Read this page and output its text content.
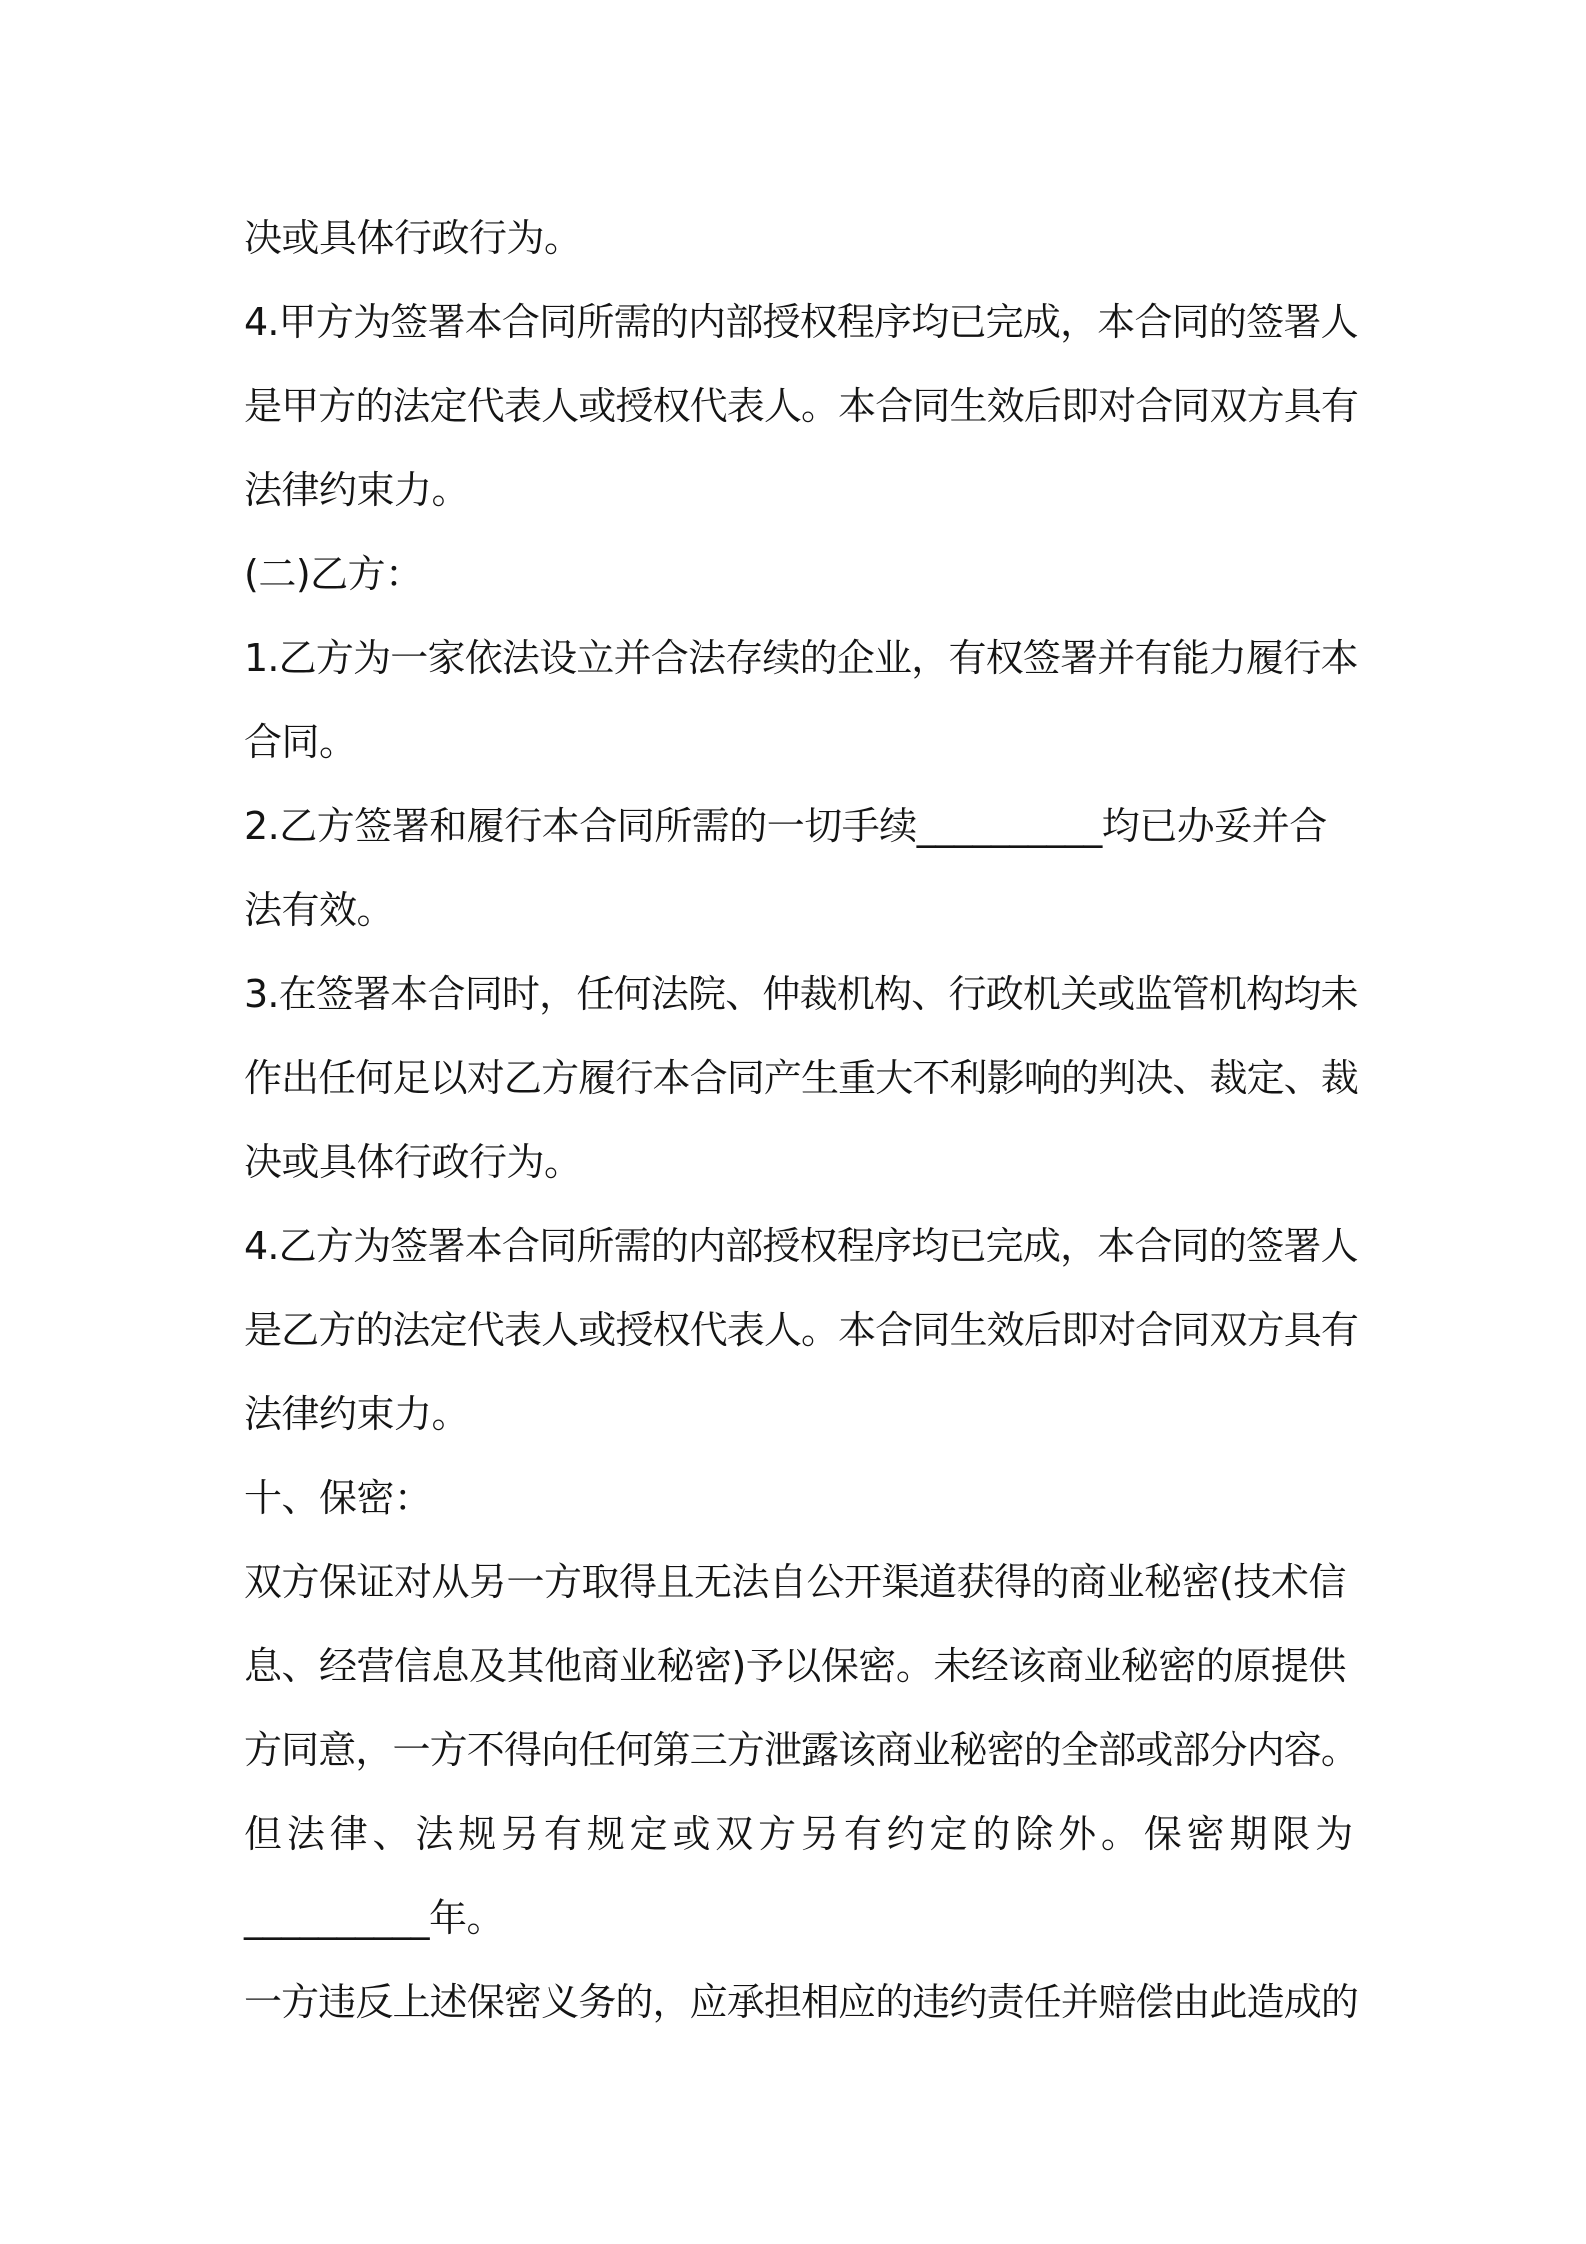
决或具体行政行为。
4.甲方为签署本合同所需的内部授权程序均已完成，本合同的签署人
是甲方的法定代表人或授权代表人。本合同生效后即对合同双方具有
法律约束力。
(二)乙方：
1.乙方为一家依法设立并合法存续的企业，有权签署并有能力履行本
合同。
2.乙方签署和履行本合同所需的一切手续__________均已办妥并合
法有效。
3.在签署本合同时，任何法院、仲裁机构、行政机关或监管机构均未
作出任何足以对乙方履行本合同产生重大不利影响的判决、裁定、裁
决或具体行政行为。
4.乙方为签署本合同所需的内部授权程序均已完成，本合同的签署人
是乙方的法定代表人或授权代表人。本合同生效后即对合同双方具有
法律约束力。
十、保密：
双方保证对从另一方取得且无法自公开渠道获得的商业秘密(技术信
息、经营信息及其他商业秘密)予以保密。未经该商业秘密的原提供
方同意，一方不得向任何第三方泄露该商业秘密的全部或部分内容。
但法律、法规另有规定或双方另有约定的除外。保密期限为
__________年。
一方违反上述保密义务的，应承担相应的违约责任并赔偿由此造成的
